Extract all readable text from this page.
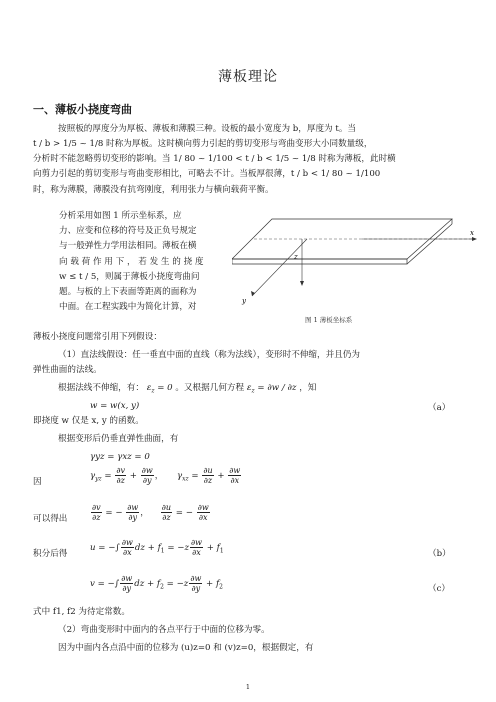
薄板理论
一、薄板小挠度弯曲
按照板的厚度分为厚板、薄板和薄膜三种。设板的最小宽度为 b，厚度为 t。当
t / b > 1/5 ~ 1/8 时称为厚板。这时横向剪力引起的剪切变形与弯曲变形大小同数量级，
分析时不能忽略剪切变形的影响。当 1/ 80 ~ 1/100 < t / b < 1/5 ~ 1/8 时称为薄板，此时横
向剪力引起的剪切变形与弯曲变形相比，可略去不计。当板厚很薄，t / b < 1/ 80 ~ 1/100
时，称为薄膜，薄膜没有抗弯刚度，利用张力与横向载荷平衡。
分析采用如图 1 所示坐标系，应
力、应变和位移的符号及正负号规定
与一般弹性力学用法相同。薄板在横
向 载 荷 作 用 下 ， 若 发 生 的 挠 度
w ≤ t / 5，则属于薄板小挠度弯曲问
题。与板的上下表面等距离的面称为
中面。在工程实践中为简化计算，对
x
y
z
图 1 薄板坐标系
薄板小挠度问题常引用下列假设：
（1）直法线假设：任一垂直中面的直线（称为法线），变形时不伸缩，并且仍为
弹性曲面的法线。
根据法线不伸缩，有： $\varepsilon_z = 0$ 。又根据几何方程 $\varepsilon_z = \partial w / \partial z$ ，知
w = w(x, y)	（a）
即挠度 w 仅是 x, y 的函数。
根据变形后仍垂直弹性曲面，有
γyz = γxz = 0
因
$\gamma_{yz} = \frac{\partial v}{\partial z} + \frac{\partial w}{\partial y}$ ，     $\gamma_{xz} = \frac{\partial u}{\partial z} + \frac{\partial w}{\partial x}$
可以得出	$\frac{\partial v}{\partial z}$ = − $\frac{\partial w}{\partial y}$ ， $\frac{\partial u}{\partial z}$ = − $\frac{\partial w}{\partial x}$
积分后得
u = −∫ $\frac{\partial w}{\partial x}$ dz + $f_1 = -z \frac{\partial w}{\partial x} + f_1$	（b）
v = −∫ $\frac{\partial w}{\partial y}$ dz + $f_2 = -z \frac{\partial w}{\partial y} + f_2$	（c）
式中 f1, f2 为待定常数。
（2）弯曲变形时中面内的各点平行于中面的位移为零。
因为中面内各点沿中面的位移为 (u)z=0 和 (v)z=0，根据假定，有
1
